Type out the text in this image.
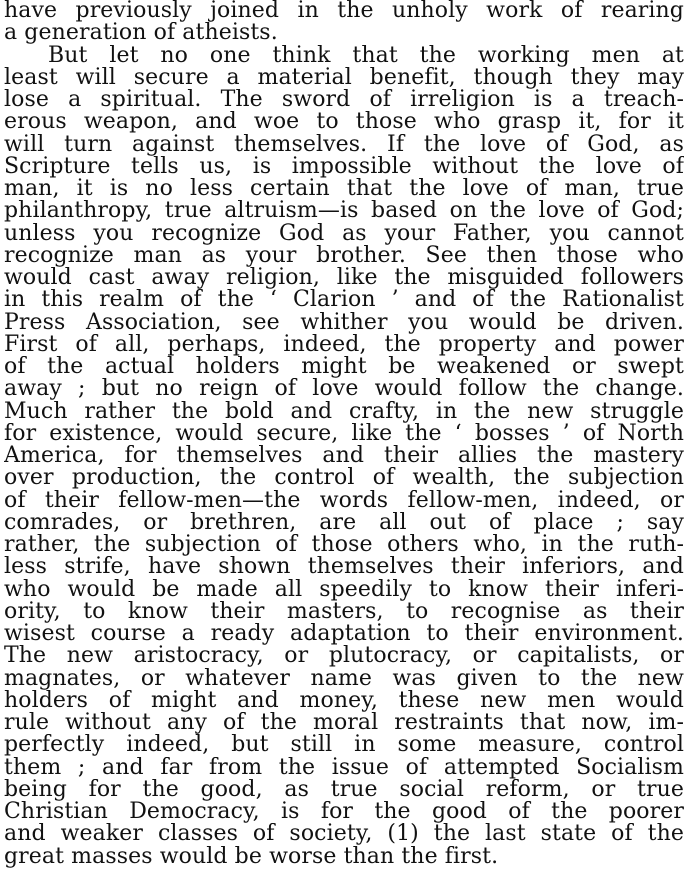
have previously joined in the unholy work of rearing
a generation of atheists.
But let no one think that the working men at
least will secure a material benefit, though they may
lose a spiritual. The sword of irreligion is a treach-
erous weapon, and woe to those who grasp it, for it
will turn against themselves. If the love of God, as
Scripture tells us, is impossible without the love of
man, it is no less certain that the love of man, true
philanthropy, true altruism—is based on the love of God;
unless you recognize God as your Father, you cannot
recognize man as your brother. See then those who
would cast away religion, like the misguided followers
in this realm of the ‘ Clarion ’ and of the Rationalist
Press Association, see whither you would be driven.
First of all, perhaps, indeed, the property and power
of the actual holders might be weakened or swept
away ; but no reign of love would follow the change.
Much rather the bold and crafty, in the new struggle
for existence, would secure, like the ‘ bosses ’ of North
America, for themselves and their allies the mastery
over production, the control of wealth, the subjection
of their fellow-men—the words fellow-men, indeed, or
comrades, or brethren, are all out of place ; say
rather, the subjection of those others who, in the ruth-
less strife, have shown themselves their inferiors, and
who would be made all speedily to know their inferi-
ority, to know their masters, to recognise as their
wisest course a ready adaptation to their environment.
The new aristocracy, or plutocracy, or capitalists, or
magnates, or whatever name was given to the new
holders of might and money, these new men would
rule without any of the moral restraints that now, im-
perfectly indeed, but still in some measure, control
them ; and far from the issue of attempted Socialism
being for the good, as true social reform, or true
Christian Democracy, is for the good of the poorer
and weaker classes of society, (1) the last state of the
great masses would be worse than the first.
